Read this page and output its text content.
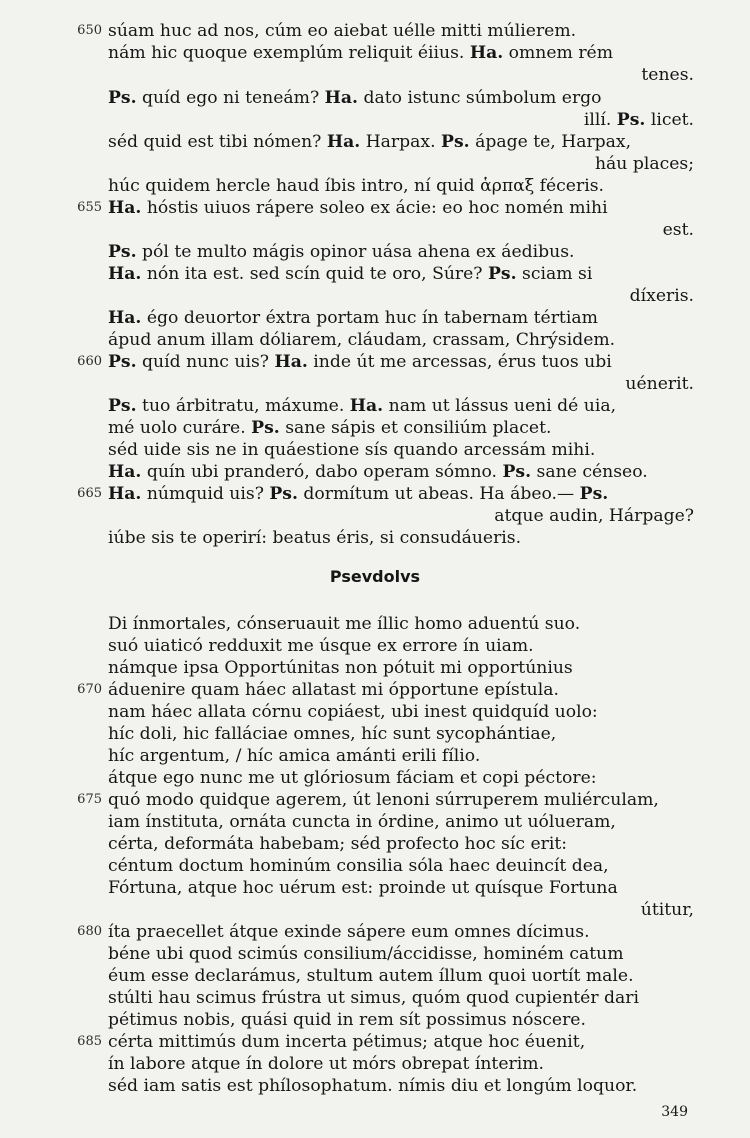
650 súam huc ad nos, cúm eo aiebat uélle mitti múlierem.
nám hic quoque exemplúm reliquit éiius. Ha. omnem rém
tenes.
Ps. quíd ego ni teneám? Ha. dato istunc súmbolum ergo
illí. Ps. licet.
séd quid est tibi nómen? Ha. Harpax. Ps. ápage te, Harpax,
háu places;
húc quidem hercle haud íbis intro, ní quid ἁρπαξ féceris.
655 Ha. hóstis uiuos rápere soleo ex ácie: eo hoc nomén mihi
est.
Ps. pól te multo mágis opinor uása ahena ex áedibus.
Ha. nón ita est. sed scín quid te oro, Súre? Ps. sciam si
díxeris.
Ha. égo deuortor éxtra portam huc ín tabernam tértiam
ápud anum illam dóliarem, cláudam, crassam, Chrýsidem.
660 Ps. quíd nunc uis? Ha. inde út me arcessas, érus tuos ubi
uénerit.
Ps. tuo árbitratu, máxume. Ha. nam ut lássus ueni dé uia,
mé uolo curáre. Ps. sane sápis et consiliúm placet.
séd uide sis ne in quáestione sís quando arcessám mihi.
Ha. quín ubi pranderó, dabo operam sómno. Ps. sane cénseo.
665 Ha. númquid uis? Ps. dormítum ut abeas. Ha ábeo.— Ps.
atque audin, Hárpage?
iúbe sis te operirí: beatus éris, si consudáueris.
Psevdolvs
Di ínmortales, cónseruauit me íllic homo aduentú suo.
suó uiaticó redduxit me úsque ex errore ín uiam.
námque ipsa Opportúnitas non pótuit mi opportúnius
670 áduenire quam háec allatast mi ópportune epístula.
nam háec allata córnu copiáest, ubi inest quidquíd uolo:
híc doli, hic falláciae omnes, híc sunt sycophántiae,
híc argentum, / híc amica amánti erili fílio.
átque ego nunc me ut glóriosum fáciam et copi péctore:
675 quó modo quidque agerem, út lenoni súrruperem muliérculam,
iam ínstituta, ornáta cuncta in órdine, animo ut uólueram,
cérta, deformáta habebam; séd profecto hoc síc erit:
céntum doctum hominúm consilia sóla haec deuincít dea,
Fórtuna, atque hoc uérum est: proinde ut quísque Fortuna
útitur,
680 íta praecellet átque exinde sápere eum omnes dícimus.
béne ubi quod scimús consilium/áccidisse, hominém catum
éum esse declarámus, stultum autem íllum quoi uortít male.
stúlti hau scimus frústra ut simus, quóm quod cupientér dari
pétimus nobis, quási quid in rem sít possimus nóscere.
685 cérta mittimús dum incerta pétimus; atque hoc éuenit,
ín labore atque ín dolore ut mórs obrepat ínterim.
séd iam satis est phílosophatum. nímis diu et longúm loquor.
349
